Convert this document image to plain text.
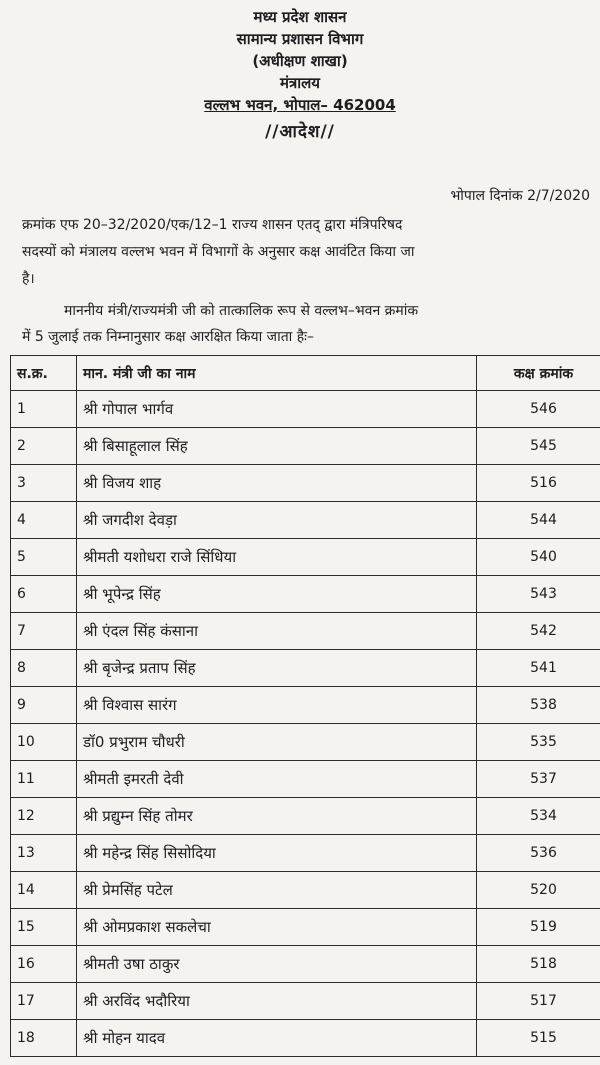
मध्य प्रदेश शासन
सामान्य प्रशासन विभाग
(अधीक्षण शाखा)
मंत्रालय
वल्लभ भवन, भोपाल– 462004
//आदेश//
भोपाल दिनांक 2/7/2020
क्रमांक एफ 20–32/2020/एक/12–1 राज्य शासन एतद् द्वारा मंत्रिपरिषद
सदस्यों को मंत्रालय वल्लभ भवन में विभागों के अनुसार कक्ष आवंटित किया जा
है।
माननीय मंत्री/राज्यमंत्री जी को तात्कालिक रूप से वल्लभ–भवन क्रमांक
में 5 जुलाई तक निम्नानुसार कक्ष आरक्षित किया जाता हैः–
स.क्र.	मान. मंत्री जी का नाम	कक्ष क्रमांक
1	श्री गोपाल भार्गव	546
2	श्री बिसाहूलाल सिंह	545
3	श्री विजय शाह	516
4	श्री जगदीश देवड़ा	544
5	श्रीमती यशोधरा राजे सिंधिया	540
6	श्री भूपेन्द्र सिंह	543
7	श्री एंदल सिंह कंसाना	542
8	श्री बृजेन्द्र प्रताप सिंह	541
9	श्री विश्वास सारंग	538
10	डॉ0 प्रभुराम चौधरी	535
11	श्रीमती इमरती देवी	537
12	श्री प्रद्युम्न सिंह तोमर	534
13	श्री महेन्द्र सिंह सिसोदिया	536
14	श्री प्रेमसिंह पटेल	520
15	श्री ओमप्रकाश सकलेचा	519
16	श्रीमती उषा ठाकुर	518
17	श्री अरविंद भदौरिया	517
18	श्री मोहन यादव	515
